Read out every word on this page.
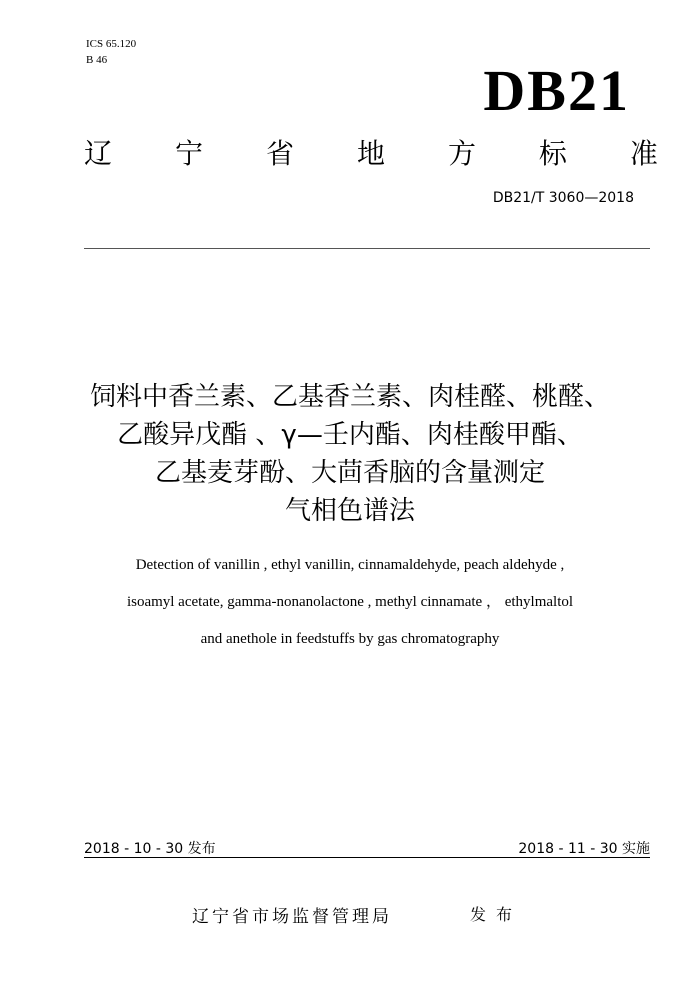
ICS 65.120
B 46	DB21
辽 宁 省 地 方 标 准
DB21/T 3060—2018
饲料中香兰素、乙基香兰素、肉桂醛、桃醛、
乙酸异戊酯 、γ—壬内酯、肉桂酸甲酯、
乙基麦芽酚、大茴香脑的含量测定
气相色谱法
Detection of vanillin , ethyl vanillin, cinnamaldehyde, peach aldehyde ,
isoamyl acetate, gamma-nonanolactone , methyl cinnamate ， ethylmaltol
and anethole in feedstuffs by gas chromatography
2018 - 10 - 30 发布	2018 - 11 - 30 实施
辽宁省市场监督管理局	发布
